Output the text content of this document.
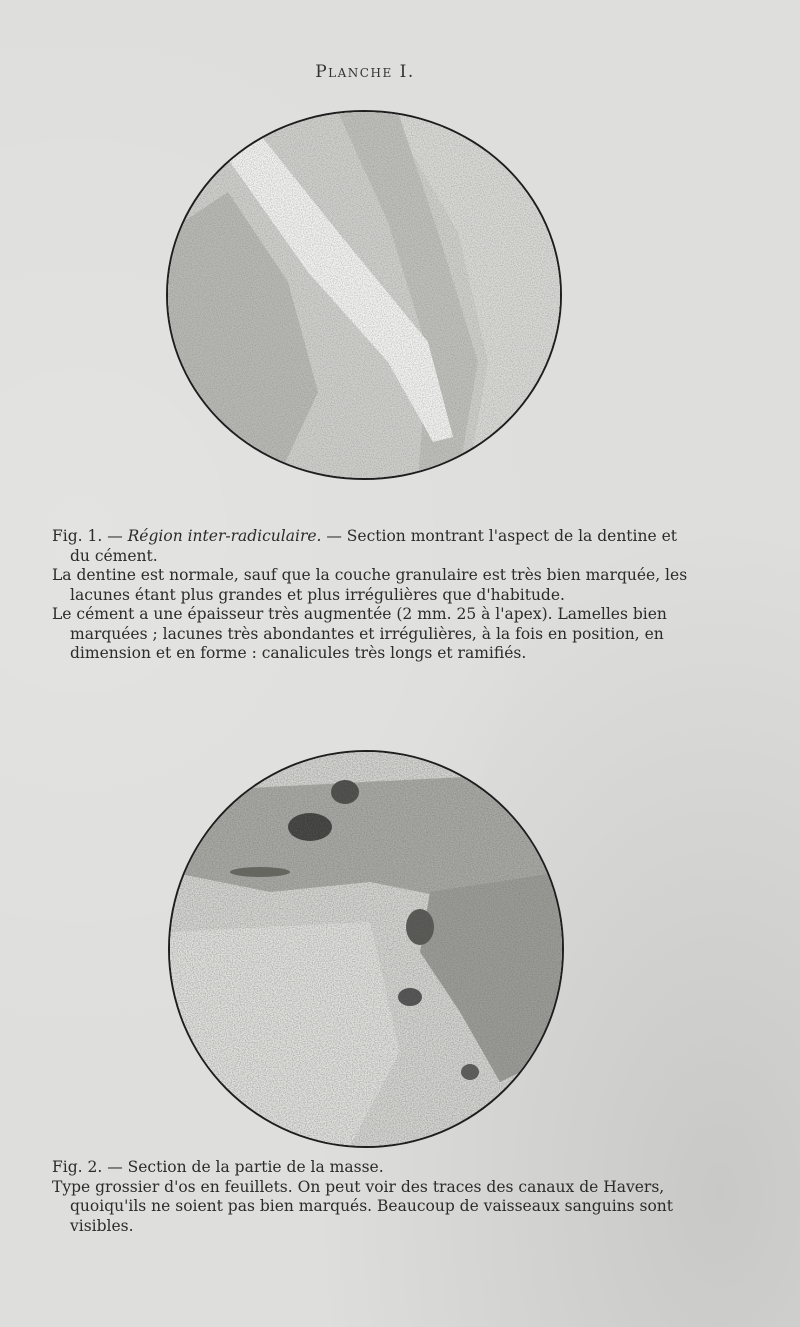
Planche I.

Fig. 1. — Région inter-radiculaire. — Section montrant l'aspect de la dentine et du cément.

La dentine est normale, sauf que la couche granulaire est très bien marquée, les lacunes étant plus grandes et plus irrégulières que d'habitude.

Le cément a une épaisseur très augmentée (2 mm. 25 à l'apex). Lamelles bien marquées ; lacunes très abondantes et irrégulières, à la fois en position, en dimension et en forme : canalicules très longs et ramifiés.

Fig. 2. — Section de la partie de la masse.

Type grossier d'os en feuillets. On peut voir des traces des canaux de Havers, quoiqu'ils ne soient pas bien marqués. Beaucoup de vaisseaux sanguins sont visibles.
